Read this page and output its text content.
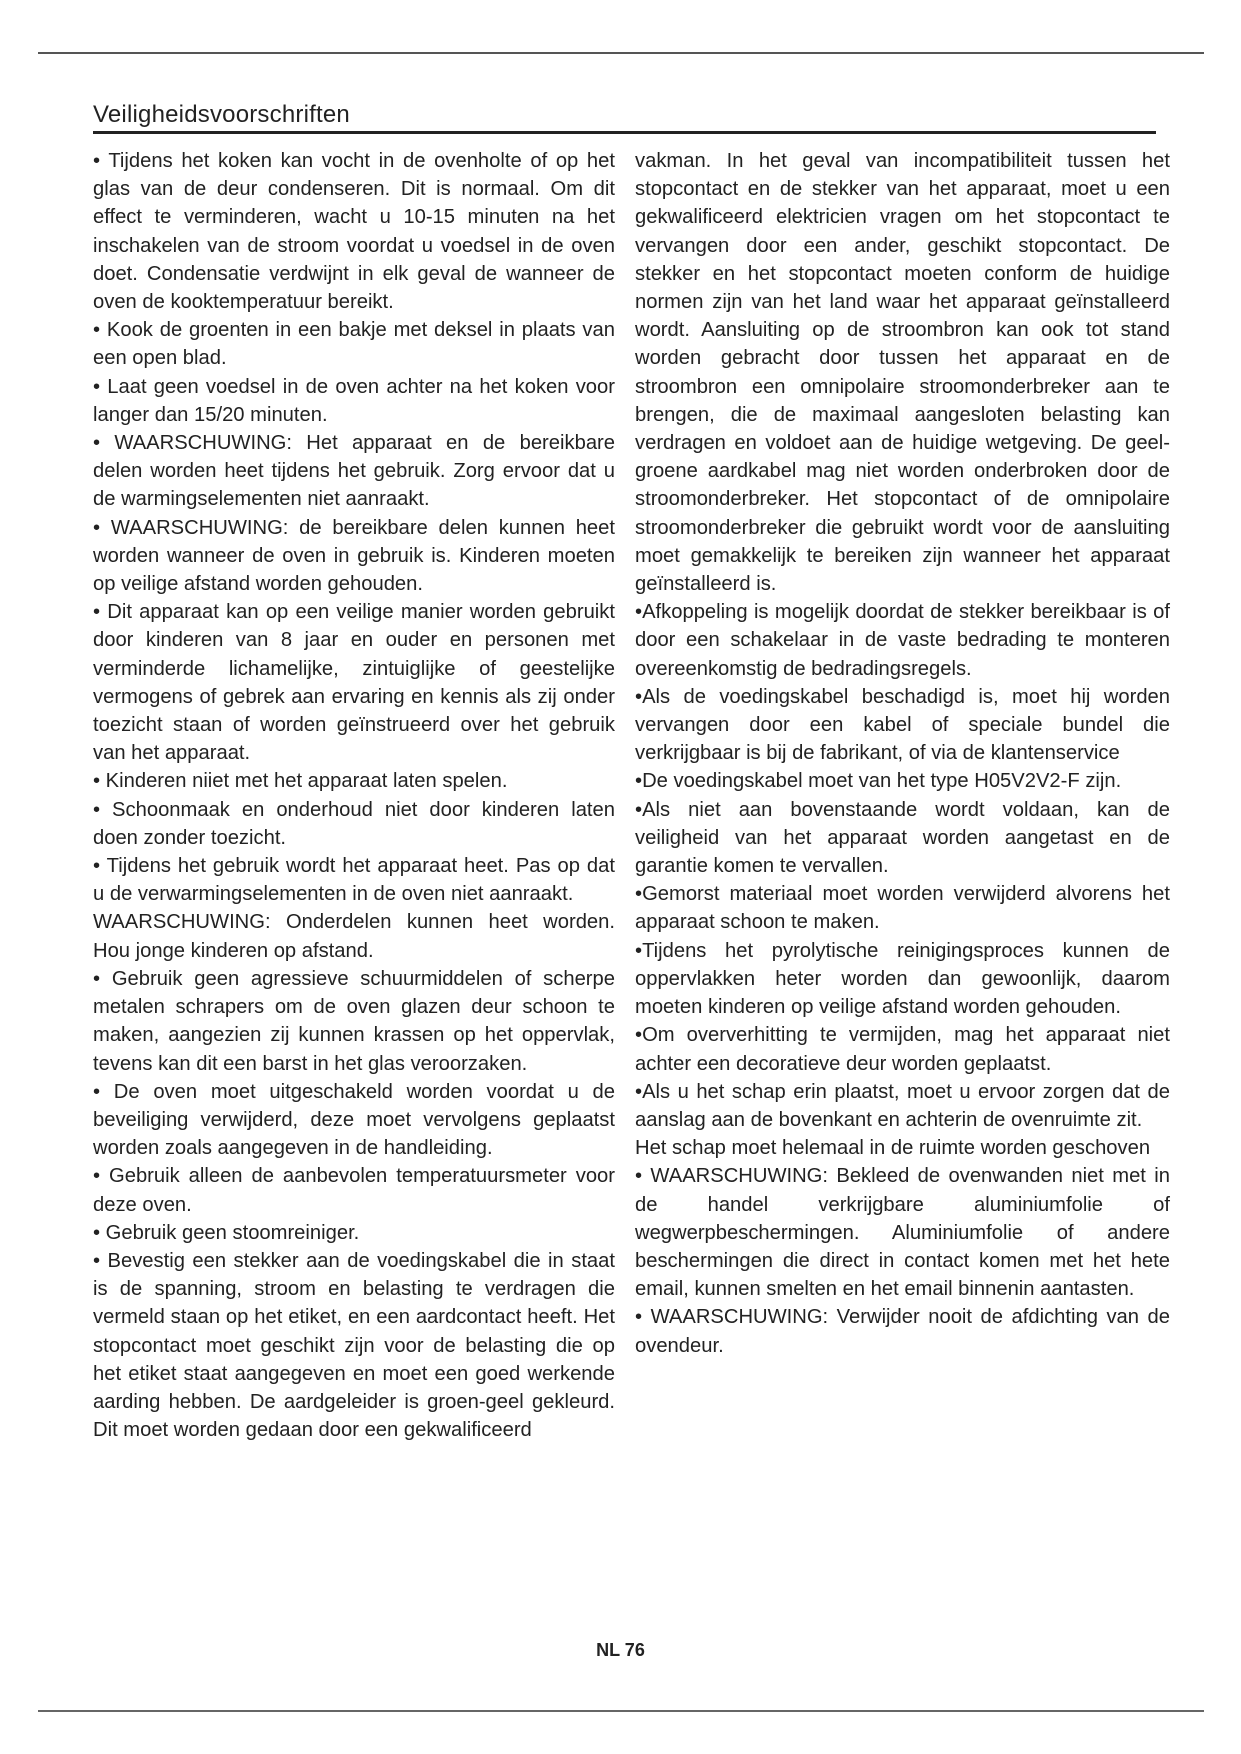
Veiligheidsvoorschriften

• Tijdens het koken kan vocht in de ovenholte of op het glas van de deur condenseren. Dit is normaal. Om dit effect te verminderen, wacht u 10-15 minuten na het inschakelen van de stroom voordat u voedsel in de oven doet. Condensatie verdwijnt in elk geval de wanneer de oven de kooktemperatuur bereikt.

• Kook de groenten in een bakje met deksel in plaats van een open blad.

• Laat geen voedsel in de oven achter na het koken voor langer dan 15/20 minuten.

• WAARSCHUWING: Het apparaat en de bereikbare delen worden heet tijdens het gebruik. Zorg ervoor dat u de warmingselementen niet aanraakt.

• WAARSCHUWING: de bereikbare delen kunnen heet worden wanneer de oven in gebruik is. Kinderen moeten op veilige afstand worden gehouden.

• Dit apparaat kan op een veilige manier worden gebruikt door kinderen van 8 jaar en ouder en personen met verminderde lichamelijke, zintuiglijke of geestelijke vermogens of gebrek aan ervaring en kennis als zij onder toezicht staan of worden geïnstrueerd over het gebruik van het apparaat.

• Kinderen niiet met het apparaat laten spelen.

• Schoonmaak en onderhoud niet door kinderen laten doen zonder toezicht.

• Tijdens het gebruik wordt het apparaat heet. Pas op dat u de verwarmingselementen in de oven niet aanraakt.

WAARSCHUWING: Onderdelen kunnen heet worden. Hou jonge kinderen op afstand.

• Gebruik geen agressieve schuurmiddelen of scherpe metalen schrapers om de oven glazen deur schoon te maken, aangezien zij kunnen krassen op het oppervlak, tevens kan dit een barst in het glas veroorzaken.

• De oven moet uitgeschakeld worden voordat u de beveiliging verwijderd, deze moet vervolgens geplaatst worden zoals aangegeven in de handleiding.

• Gebruik alleen de aanbevolen temperatuursmeter voor deze oven.

• Gebruik geen stoomreiniger.

• Bevestig een stekker aan de voedingskabel die in staat is de spanning, stroom en belasting te verdragen die vermeld staan op het etiket, en een aardcontact heeft. Het stopcontact moet geschikt zijn voor de belasting die op het etiket staat aangegeven en moet een goed werkende aarding hebben. De aardgeleider is groen-geel gekleurd. Dit moet worden gedaan door een gekwalificeerd

vakman. In het geval van incompatibiliteit tussen het stopcontact en de stekker van het apparaat, moet u een gekwalificeerd elektricien vragen om het stopcontact te vervangen door een ander, geschikt stopcontact. De stekker en het stopcontact moeten conform de huidige normen zijn van het land waar het apparaat geïnstalleerd wordt. Aansluiting op de stroombron kan ook tot stand worden gebracht door tussen het apparaat en de stroombron een omnipolaire stroomonderbreker aan te brengen, die de maximaal aangesloten belasting kan verdragen en voldoet aan de huidige wetgeving. De geel-groene aardkabel mag niet worden onderbroken door de stroomonderbreker. Het stopcontact of de omnipolaire stroomonderbreker die gebruikt wordt voor de aansluiting moet gemakkelijk te bereiken zijn wanneer het apparaat geïnstalleerd is.

•Afkoppeling is mogelijk doordat de stekker bereikbaar is of door een schakelaar in de vaste bedrading te monteren overeenkomstig de bedradingsregels.

•Als de voedingskabel beschadigd is, moet hij worden vervangen door een kabel of speciale bundel die verkrijgbaar is bij de fabrikant, of via de klantenservice

•De voedingskabel moet van het type H05V2V2-F zijn.

•Als niet aan bovenstaande wordt voldaan, kan de veiligheid van het apparaat worden aangetast en de garantie komen te vervallen.

•Gemorst materiaal moet worden verwijderd alvorens het apparaat schoon te maken.

•Tijdens het pyrolytische reinigingsproces kunnen de oppervlakken heter worden dan gewoonlijk, daarom moeten kinderen op veilige afstand worden gehouden.

•Om oververhitting te vermijden, mag het apparaat niet achter een decoratieve deur worden geplaatst.

•Als u het schap erin plaatst, moet u ervoor zorgen dat de aanslag aan de bovenkant en achterin de ovenruimte zit.

Het schap moet helemaal in de ruimte worden geschoven

• WAARSCHUWING: Bekleed de ovenwanden niet met in de handel verkrijgbare aluminiumfolie of wegwerpbeschermingen. Aluminiumfolie of andere beschermingen die direct in contact komen met het hete email, kunnen smelten en het email binnenin aantasten.

• WAARSCHUWING: Verwijder nooit de afdichting van de ovendeur.

NL 76
